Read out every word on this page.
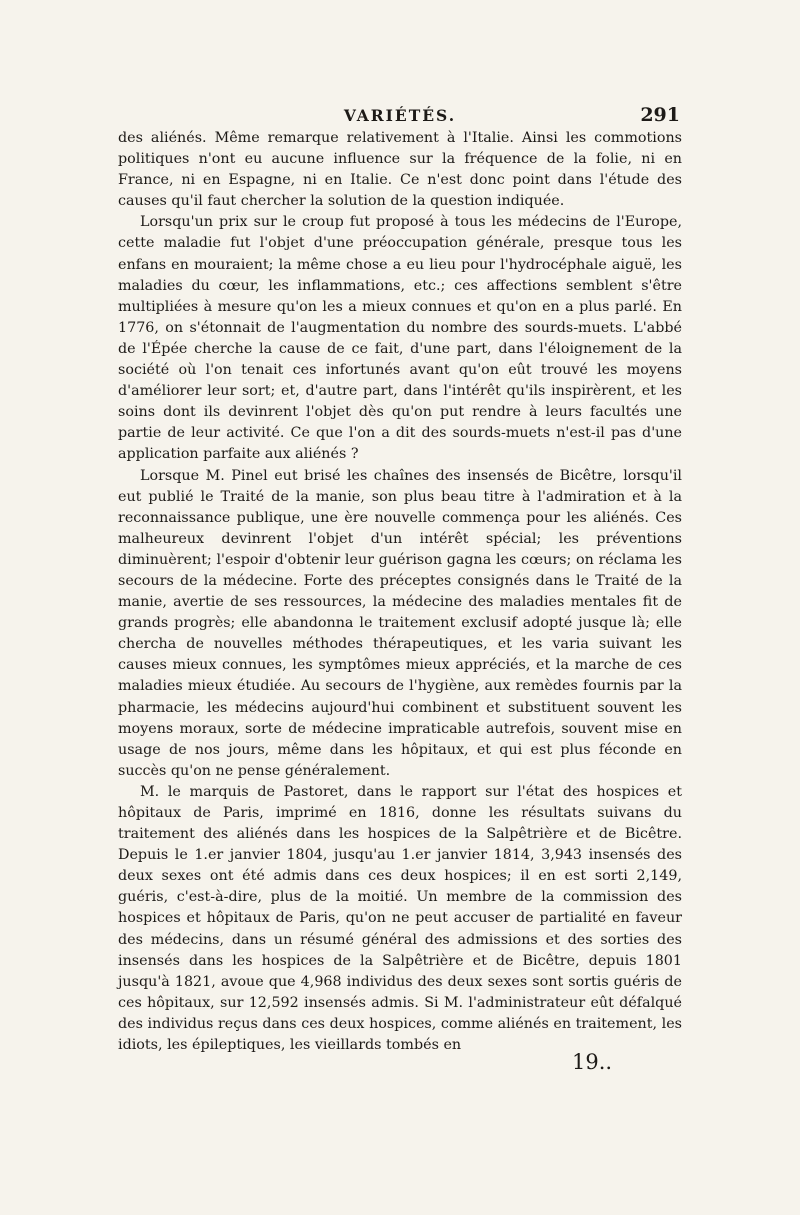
VARIÉTÉS.	291

des aliénés. Même remarque relativement à l'Italie. Ainsi les commotions politiques n'ont eu aucune influence sur la fréquence de la folie, ni en France, ni en Espagne, ni en Italie. Ce n'est donc point dans l'étude des causes qu'il faut chercher la solution de la question indiquée.

Lorsqu'un prix sur le croup fut proposé à tous les médecins de l'Europe, cette maladie fut l'objet d'une préoccupation générale, presque tous les enfans en mouraient; la même chose a eu lieu pour l'hydrocéphale aiguë, les maladies du cœur, les inflammations, etc.; ces affections semblent s'être multipliées à mesure qu'on les a mieux connues et qu'on en a plus parlé. En 1776, on s'étonnait de l'augmentation du nombre des sourds-muets. L'abbé de l'Épée cherche la cause de ce fait, d'une part, dans l'éloignement de la société où l'on tenait ces infortunés avant qu'on eût trouvé les moyens d'améliorer leur sort; et, d'autre part, dans l'intérêt qu'ils inspirèrent, et les soins dont ils devinrent l'objet dès qu'on put rendre à leurs facultés une partie de leur activité. Ce que l'on a dit des sourds-muets n'est-il pas d'une application parfaite aux aliénés ?

Lorsque M. Pinel eut brisé les chaînes des insensés de Bicêtre, lorsqu'il eut publié le Traité de la manie, son plus beau titre à l'admiration et à la reconnaissance publique, une ère nouvelle commença pour les aliénés. Ces malheureux devinrent l'objet d'un intérêt spécial; les préventions diminuèrent; l'espoir d'obtenir leur guérison gagna les cœurs; on réclama les secours de la médecine. Forte des préceptes consignés dans le Traité de la manie, avertie de ses ressources, la médecine des maladies mentales fit de grands progrès; elle abandonna le traitement exclusif adopté jusque là; elle chercha de nouvelles méthodes thérapeutiques, et les varia suivant les causes mieux connues, les symptômes mieux appréciés, et la marche de ces maladies mieux étudiée. Au secours de l'hygiène, aux remèdes fournis par la pharmacie, les médecins aujourd'hui combinent et substituent souvent les moyens moraux, sorte de médecine impraticable autrefois, souvent mise en usage de nos jours, même dans les hôpitaux, et qui est plus féconde en succès qu'on ne pense généralement.

M. le marquis de Pastoret, dans le rapport sur l'état des hospices et hôpitaux de Paris, imprimé en 1816, donne les résultats suivans du traitement des aliénés dans les hospices de la Salpêtrière et de Bicêtre. Depuis le 1.er janvier 1804, jusqu'au 1.er janvier 1814, 3,943 insensés des deux sexes ont été admis dans ces deux hospices; il en est sorti 2,149, guéris, c'est-à-dire, plus de la moitié. Un membre de la commission des hospices et hôpitaux de Paris, qu'on ne peut accuser de partialité en faveur des médecins, dans un résumé général des admissions et des sorties des insensés dans les hospices de la Salpêtrière et de Bicêtre, depuis 1801 jusqu'à 1821, avoue que 4,968 individus des deux sexes sont sortis guéris de ces hôpitaux, sur 12,592 insensés admis. Si M. l'administrateur eût défalqué des individus reçus dans ces deux hospices, comme aliénés en traitement, les idiots, les épileptiques, les vieillards tombés en

19..
